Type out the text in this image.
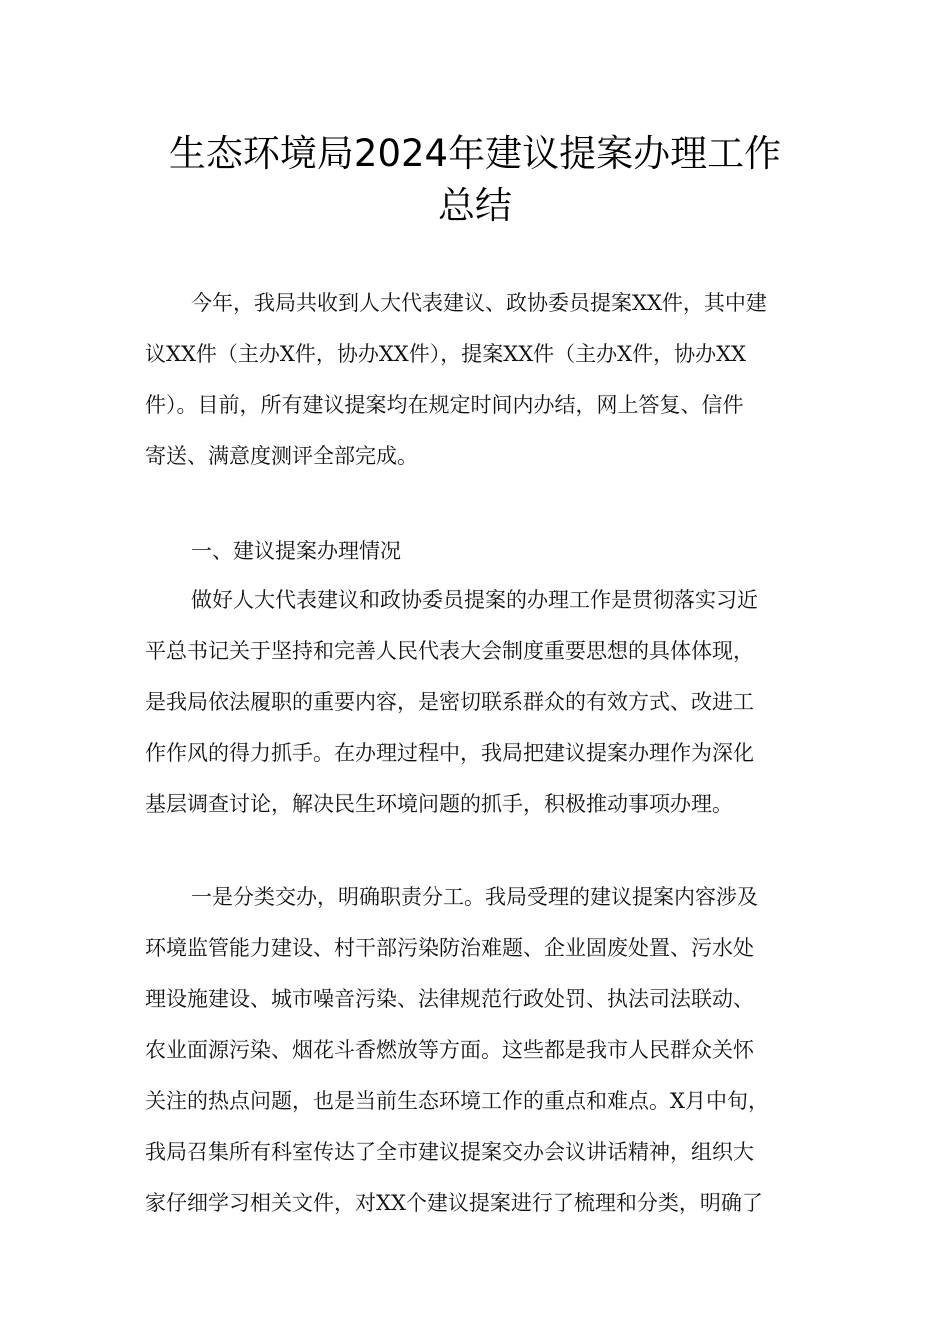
生态环境局2024年建议提案办理工作
总结
今年，我局共收到人大代表建议、政协委员提案XX件，其中建
议XX件（主办X件，协办XX件），提案XX件（主办X件，协办XX
件）。目前，所有建议提案均在规定时间内办结，网上答复、信件
寄送、满意度测评全部完成。
一、建议提案办理情况
做好人大代表建议和政协委员提案的办理工作是贯彻落实习近
平总书记关于坚持和完善人民代表大会制度重要思想的具体体现，
是我局依法履职的重要内容，是密切联系群众的有效方式、改进工
作作风的得力抓手。在办理过程中，我局把建议提案办理作为深化
基层调查讨论，解决民生环境问题的抓手，积极推动事项办理。
一是分类交办，明确职责分工。我局受理的建议提案内容涉及
环境监管能力建设、村干部污染防治难题、企业固废处置、污水处
理设施建设、城市噪音污染、法律规范行政处罚、执法司法联动、
农业面源污染、烟花斗香燃放等方面。这些都是我市人民群众关怀
关注的热点问题，也是当前生态环境工作的重点和难点。X月中旬，
我局召集所有科室传达了全市建议提案交办会议讲话精神，组织大
家仔细学习相关文件，对XX个建议提案进行了梳理和分类，明确了
